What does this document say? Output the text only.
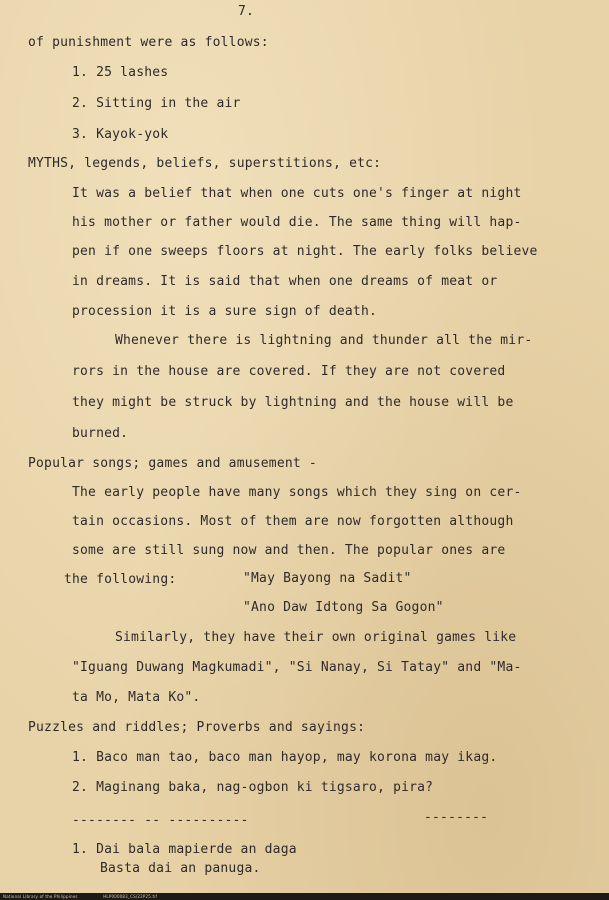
7.
of punishment were as follows:
1. 25 lashes
2. Sitting in the air
3. Kayok-yok
MYTHS, legends, beliefs, superstitions, etc:
It was a belief that when one cuts one's finger at night
his mother or father would die. The same thing will hap-
pen if one sweeps floors at night. The early folks believe
in dreams. It is said that when one dreams of meat or
procession it is a sure sign of death.
Whenever there is lightning and thunder all the mir-
rors in the house are covered. If they are not covered
they might be struck by lightning and the house will be
burned.
Popular songs; games and amusement -
The early people have many songs which they sing on cer-
tain occasions. Most of them are now forgotten although
some are still sung now and then. The popular ones are
the following:	"May Bayong na Sadit"
"Ano Daw Idtong Sa Gogon"
Similarly, they have their own original games like
"Iguang Duwang Magkumadi", "Si Nanay, Si Tatay" and "Ma-
ta Mo, Mata Ko".
Puzzles and riddles; Proverbs and sayings:
1. Baco man tao, baco man hayop, may korona may ikag.
2. Maginang baka, nag-ogbon ki tigsaro, pira?
-------- -- ----------	--------
1. Dai bala mapierde an daga
Basta dai an panuga.
National Library of the Philippines	HLP000083_CS/22P25.tif
